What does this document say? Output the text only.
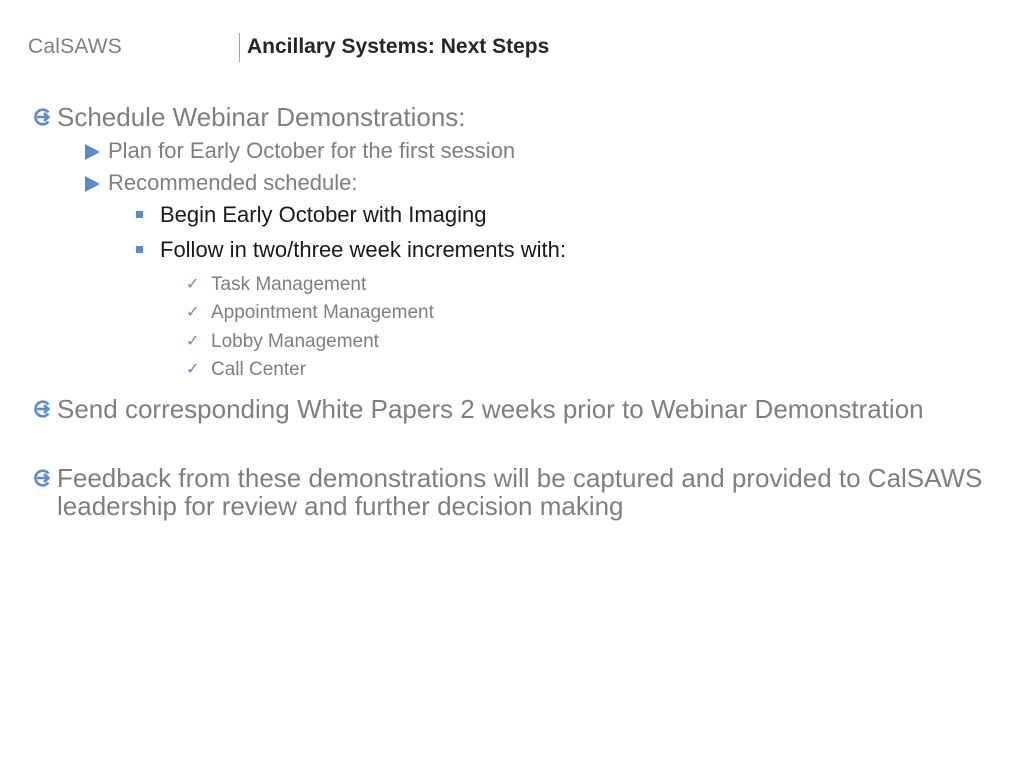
CalSAWS	Ancillary Systems: Next Steps
Schedule Webinar Demonstrations:
Plan for Early October for the first session
Recommended schedule:
Begin Early October with Imaging
Follow in two/three week increments with:
✓ Task Management
✓ Appointment Management
✓ Lobby Management
✓ Call Center
Send corresponding White Papers 2 weeks prior to Webinar Demonstration
Feedback from these demonstrations will be captured and provided to CalSAWS leadership for review and further decision making
